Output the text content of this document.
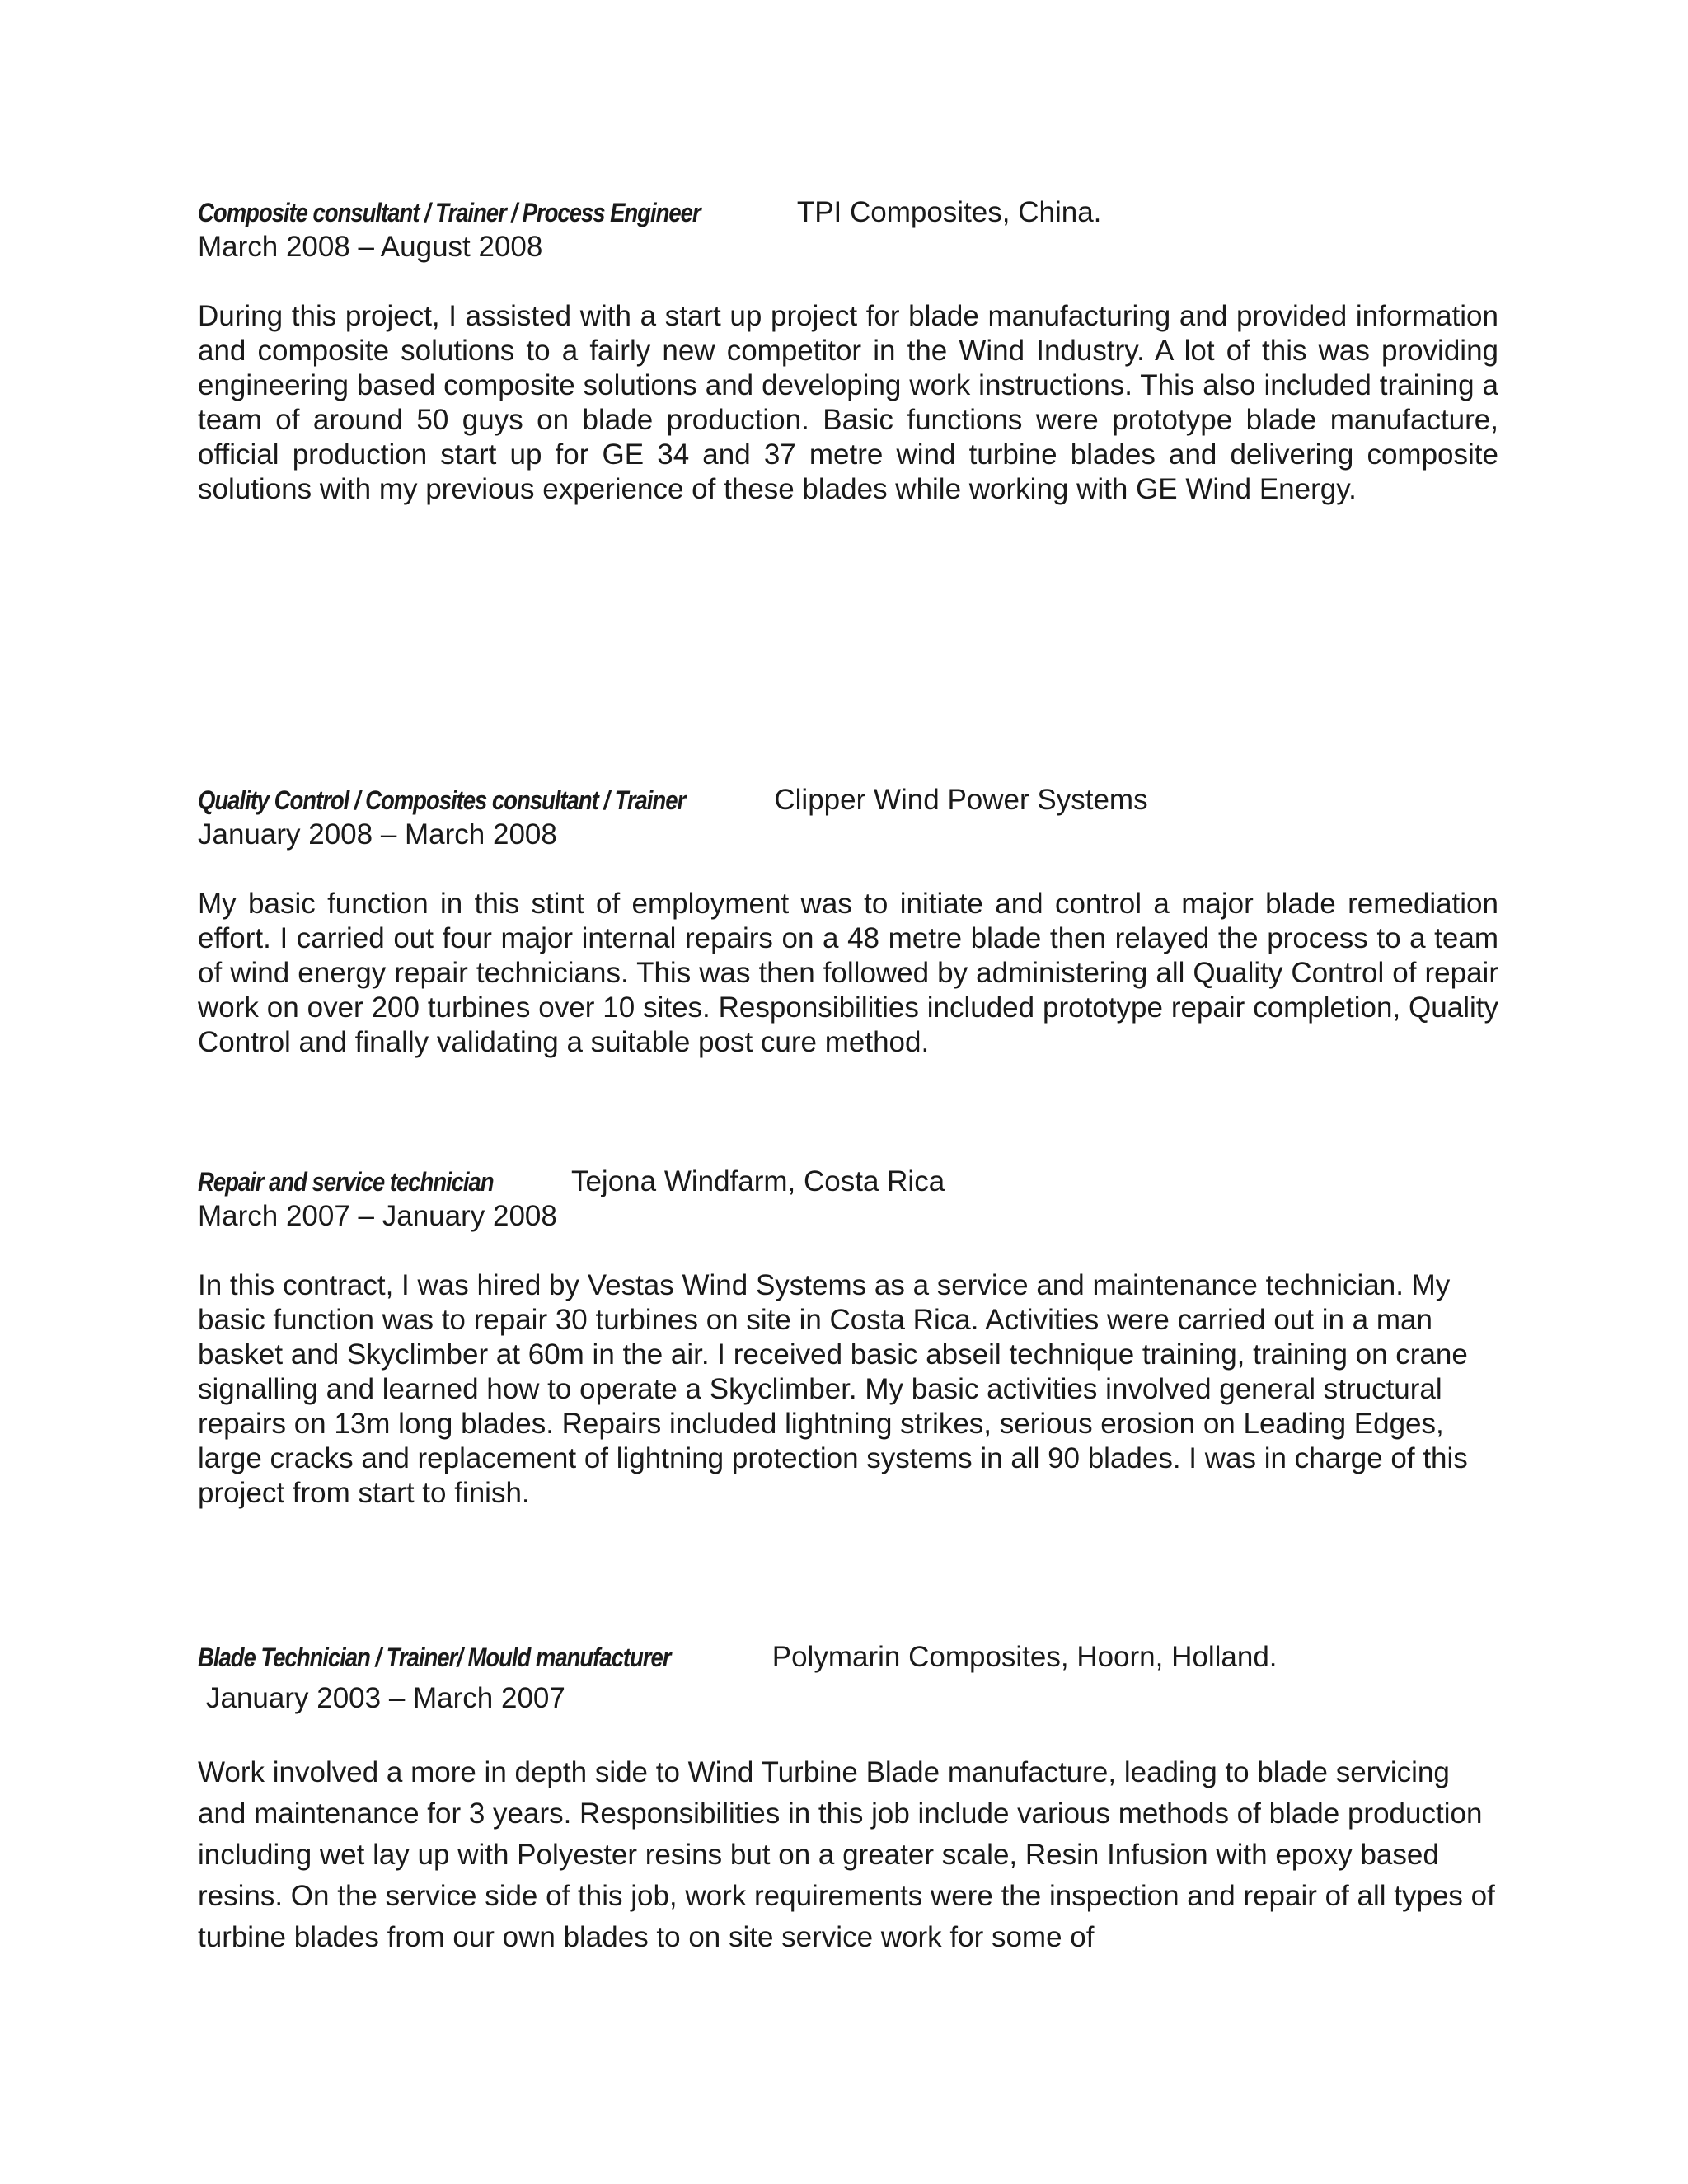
Composite consultant / Trainer / Process Engineer	TPI Composites, China.
March 2008 – August 2008

During this project, I assisted with a start up project for blade manufacturing and provided information and composite solutions to a fairly new competitor in the Wind Industry. A lot of this was providing engineering based composite solutions and developing work instructions. This also included training a team of around 50 guys on blade production. Basic functions were prototype blade manufacture, official production start up for GE 34 and 37 metre wind turbine blades and delivering composite solutions with my previous experience of these blades while working with GE Wind Energy.

Quality Control / Composites consultant / Trainer	Clipper Wind Power Systems
January 2008 – March 2008

My basic function in this stint of employment was to initiate and control a major blade remediation effort. I carried out four major internal repairs on a 48 metre blade then relayed the process to a team of wind energy repair technicians. This was then followed by administering all Quality Control of repair work on over 200 turbines over 10 sites. Responsibilities included prototype repair completion, Quality Control and finally validating a suitable post cure method.

Repair and service technician	Tejona Windfarm, Costa Rica
March 2007 – January 2008

In this contract, I was hired by Vestas Wind Systems as a service and maintenance technician. My basic function was to repair 30 turbines on site in Costa Rica. Activities were carried out in a man basket and Skyclimber at 60m in the air. I received basic abseil technique training, training on crane signalling and learned how to operate a Skyclimber. My basic activities involved general structural repairs on 13m long blades. Repairs included lightning strikes, serious erosion on Leading Edges, large cracks and replacement of lightning protection systems in all 90 blades. I was in charge of this project from start to finish.

Blade Technician / Trainer/ Mould manufacturer	Polymarin Composites, Hoorn, Holland.
January 2003 – March 2007

Work involved a more in depth side to Wind Turbine Blade manufacture, leading to blade servicing and maintenance for 3 years. Responsibilities in this job include various methods of blade production including wet lay up with Polyester resins but on a greater scale, Resin Infusion with epoxy based resins. On the service side of this job, work requirements were the inspection and repair of all types of turbine blades from our own blades to on site service work for some of
